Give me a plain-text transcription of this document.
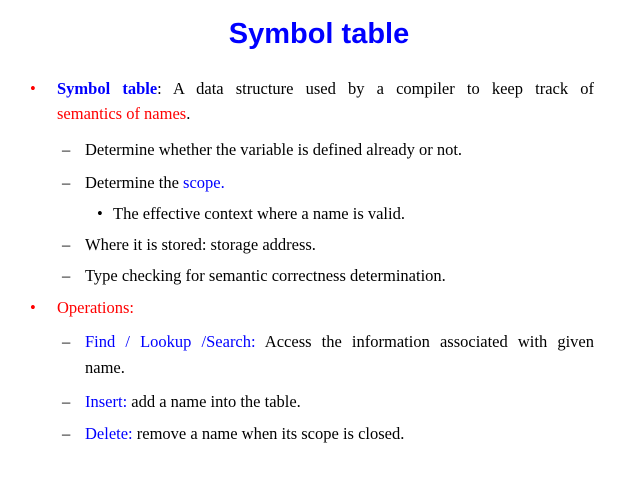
Symbol table
• Symbol table: A data structure used by a compiler to keep track of
semantics of names.
– Determine whether the variable is defined already or not.
– Determine the scope.
• The effective context where a name is valid.
– Where it is stored: storage address.
– Type checking for semantic correctness determination.
• Operations:
– Find / Lookup /Search: Access the information associated with given
name.
– Insert: add a name into the table.
– Delete: remove a name when its scope is closed.
